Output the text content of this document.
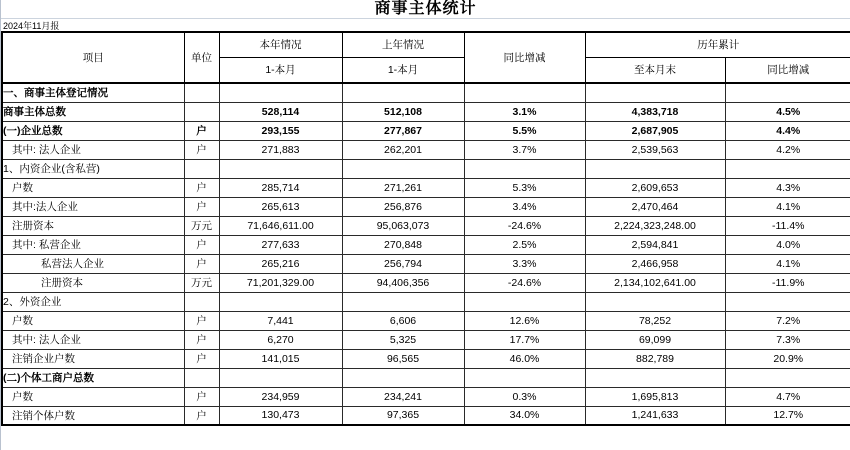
商事主体统计
2024年11月报
项目	单位	本年情况	上年情况	同比增减	历年累计	
		1-本月	1-本月		至本月末	同比增减
一、商事主体登记情况						
商事主体总数		528,114	512,108	3.1%	4,383,718	4.5%
(一)企业总数	户	293,155	277,867	5.5%	2,687,905	4.4%
其中: 法人企业	户	271,883	262,201	3.7%	2,539,563	4.2%
1、内资企业(含私营)						
户数	户	285,714	271,261	5.3%	2,609,653	4.3%
其中:法人企业	户	265,613	256,876	3.4%	2,470,464	4.1%
注册资本	万元	71,646,611.00	95,063,073	-24.6%	2,224,323,248.00	-11.4%
其中: 私营企业	户	277,633	270,848	2.5%	2,594,841	4.0%
私营法人企业	户	265,216	256,794	3.3%	2,466,958	4.1%
注册资本	万元	71,201,329.00	94,406,356	-24.6%	2,134,102,641.00	-11.9%
2、外资企业						
户数	户	7,441	6,606	12.6%	78,252	7.2%
其中: 法人企业	户	6,270	5,325	17.7%	69,099	7.3%
注销企业户数	户	141,015	96,565	46.0%	882,789	20.9%
(二)个体工商户总数						
户数	户	234,959	234,241	0.3%	1,695,813	4.7%
注销个体户数	户	130,473	97,365	34.0%	1,241,633	12.7%
